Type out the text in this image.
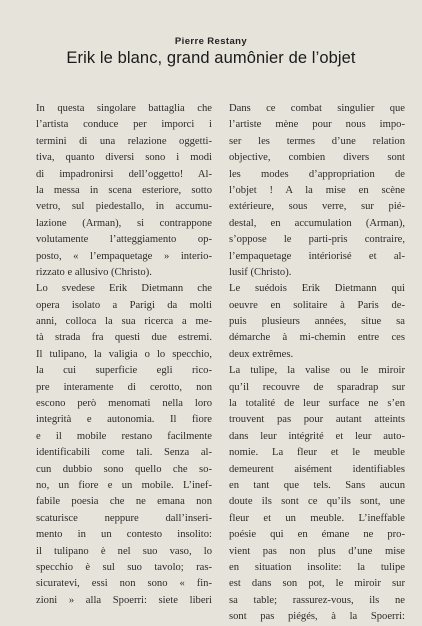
Pierre Restany
Erik le blanc, grand aumônier de l’objet
In questa singolare battaglia che
l’artista conduce per imporci i
termini di una relazione oggetti-
tiva, quanto diversi sono i modi
di impadronirsi dell’oggetto! Al-
la messa in scena esteriore, sotto
vetro, sul piedestallo, in accumu-
lazione (Arman), si contrappone
volutamente l’atteggiamento op-
posto, « l’empaquetage » interio-
rizzato e allusivo (Christo).
Lo svedese Erik Dietmann che
opera isolato a Parigi da molti
anni, colloca la sua ricerca a me-
tà strada fra questi due estremi.
Il tulipano, la valigia o lo specchio,
la cui superficie egli rico-
pre interamente di cerotto, non
escono però menomati nella loro
integrità e autonomia. Il fiore
e il mobile restano facilmente
identificabili come tali. Senza al-
cun dubbio sono quello che so-
no, un fiore e un mobile. L’inef-
fabile poesia che ne emana non
scaturisce neppure dall’inseri-
mento in un contesto insolito:
il tulipano è nel suo vaso, lo
specchio è sul suo tavolo; ras-
sicuratevi, essi non sono « fin-
zioni » alla Spoerri: siete liberi
Dans ce combat singulier que
l’artiste mène pour nous impo-
ser les termes d’une relation
objective, combien divers sont
les modes d’appropriation de
l’objet ! A la mise en scène
extérieure, sous verre, sur pié-
destal, en accumulation (Arman),
s’oppose le parti-pris contraire,
l’empaquetage intériorisé et al-
lusif (Christo).
Le suédois Erik Dietmann qui
oeuvre en solitaire à Paris de-
puis plusieurs années, situe sa
démarche à mi-chemin entre ces
deux extrêmes.
La tulipe, la valise ou le miroir
qu’il recouvre de sparadrap sur
la totalité de leur surface ne s’en
trouvent pas pour autant atteints
dans leur intégrité et leur auto-
nomie. La fleur et le meuble
demeurent aisément identifiables
en tant que tels. Sans aucun
doute ils sont ce qu’ils sont, une
fleur et un meuble. L’ineffable
poésie qui en émane ne pro-
vient pas non plus d’une mise
en situation insolite: la tulipe
est dans son pot, le miroir sur
sa table; rassurez-vous, ils ne
sont pas piégés, à la Spoerri:
